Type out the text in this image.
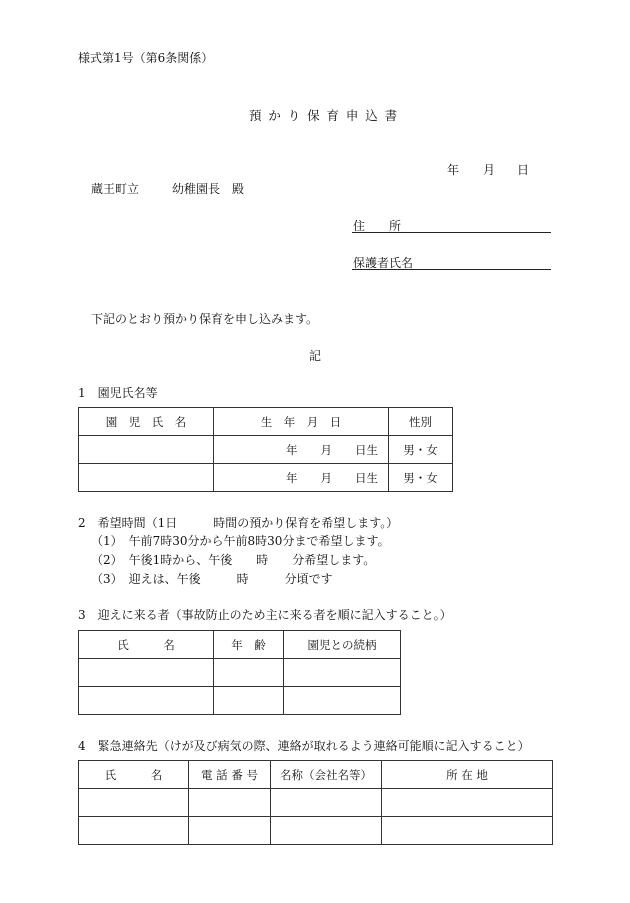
様式第1号（第6条関係）
預かり保育申込書
年 月 日
蔵王町立	幼稚園長　殿
住　　所
保護者氏名
下記のとおり預かり保育を申し込みます。
記
1　園児氏名等
園　児　氏　名	生　年　月　日	性別
	年　　月　　日生	男・女
	年　　月　　日生	男・女
2　希望時間（1日　　　時間の預かり保育を希望します。）
（1）　午前7時30分から午前8時30分まで希望します。
（2）　午後1時から、午後　　時　　分希望します。
（3）　迎えは、午後　　　時　　　分頃です
3　迎えに来る者（事故防止のため主に来る者を順に記入すること。）
氏　　　名	年　齢	園児との続柄

4　緊急連絡先（けが及び病気の際、連絡が取れるよう連絡可能順に記入すること）
氏　　　名	電 話 番 号	名称（会社名等）	所 在 地
